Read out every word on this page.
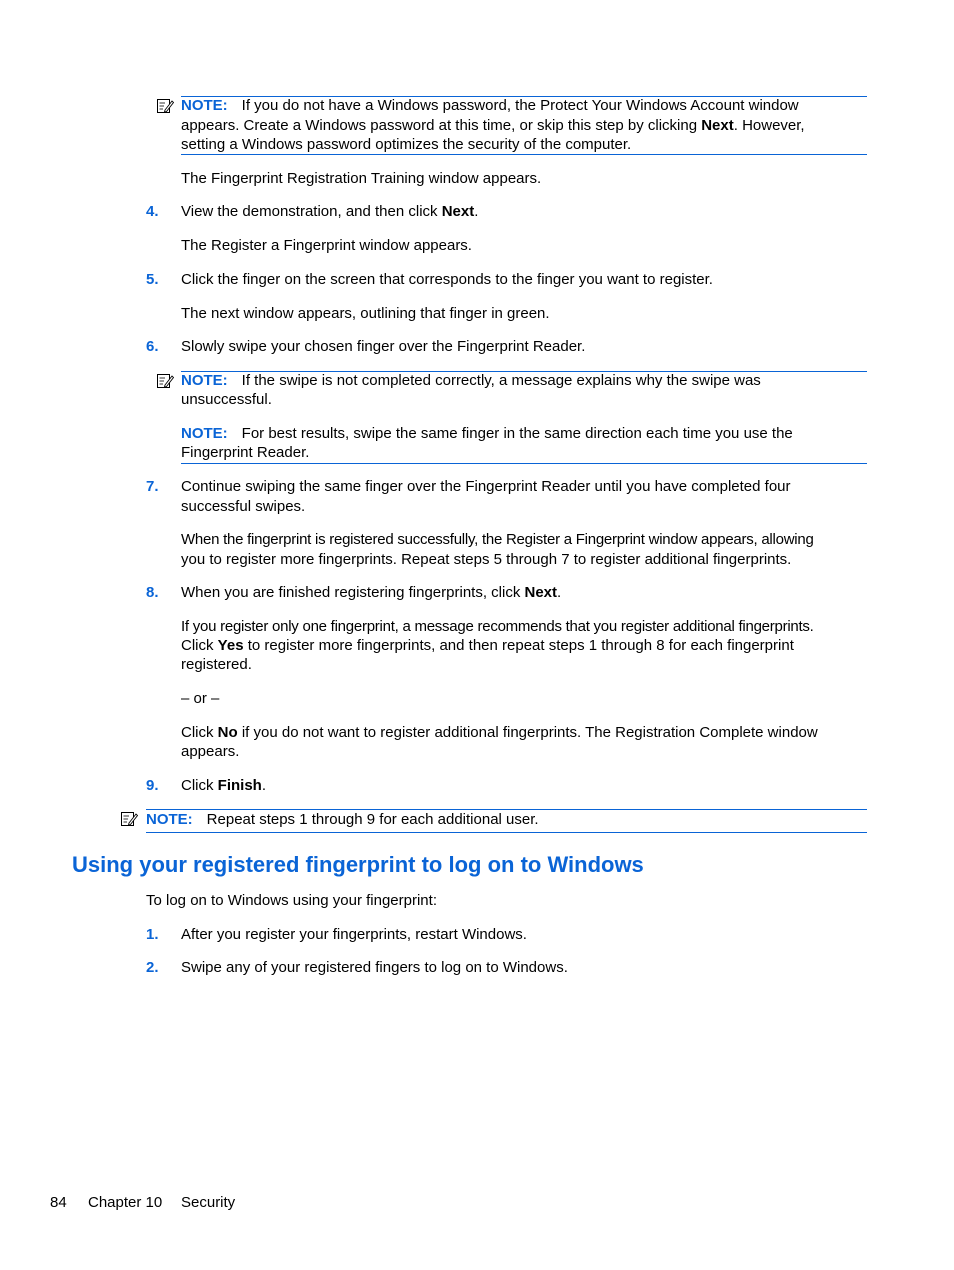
NOTE: If you do not have a Windows password, the Protect Your Windows Account window
appears. Create a Windows password at this time, or skip this step by clicking Next. However,
setting a Windows password optimizes the security of the computer.
The Fingerprint Registration Training window appears.
4. View the demonstration, and then click Next.
The Register a Fingerprint window appears.
5. Click the finger on the screen that corresponds to the finger you want to register.
The next window appears, outlining that finger in green.
6. Slowly swipe your chosen finger over the Fingerprint Reader.
NOTE: If the swipe is not completed correctly, a message explains why the swipe was
unsuccessful.
NOTE: For best results, swipe the same finger in the same direction each time you use the
Fingerprint Reader.
7. Continue swiping the same finger over the Fingerprint Reader until you have completed four
successful swipes.
When the fingerprint is registered successfully, the Register a Fingerprint window appears, allowing
you to register more fingerprints. Repeat steps 5 through 7 to register additional fingerprints.
8. When you are finished registering fingerprints, click Next.
If you register only one fingerprint, a message recommends that you register additional fingerprints.
Click Yes to register more fingerprints, and then repeat steps 1 through 8 for each fingerprint
registered.
– or –
Click No if you do not want to register additional fingerprints. The Registration Complete window
appears.
9. Click Finish.
NOTE: Repeat steps 1 through 9 for each additional user.
Using your registered fingerprint to log on to Windows
To log on to Windows using your fingerprint:
1. After you register your fingerprints, restart Windows.
2. Swipe any of your registered fingers to log on to Windows.
84 Chapter 10 Security
